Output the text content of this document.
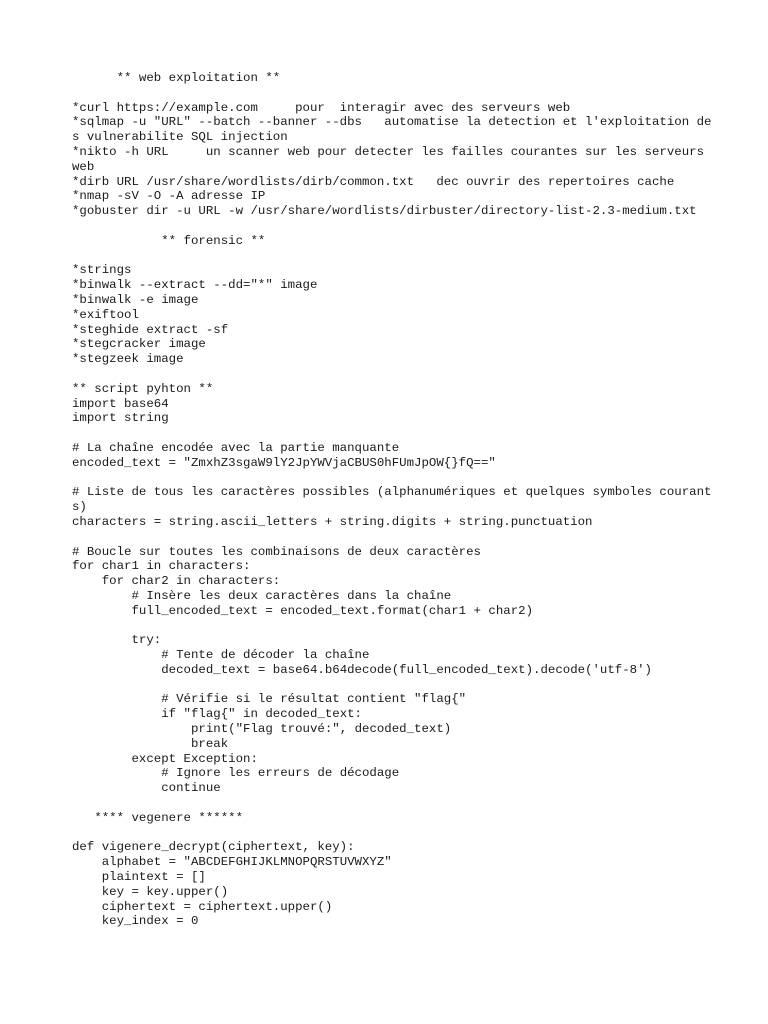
** web exploitation **
*curl https://example.com     pour  interagir avec des serveurs web
*sqlmap -u "URL" --batch --banner --dbs   automatise la detection et l'exploitation des vulnerabilite SQL injection
*nikto -h URL     un scanner web pour detecter les failles courantes sur les serveurs web
*dirb URL /usr/share/wordlists/dirb/common.txt   dec ouvrir des repertoires cache
*nmap -sV -O -A adresse IP
*gobuster dir -u URL -w /usr/share/wordlists/dirbuster/directory-list-2.3-medium.txt
** forensic **
*strings
*binwalk --extract --dd="*" image
*binwalk -e image
*exiftool
*steghide extract -sf
*stegcracker image
*stegzeek image
** script pyhton **
import base64
import string
# La chaîne encodée avec la partie manquante
encoded_text = "ZmxhZ3sgaW9lY2JpYWVjaCBUS0hFUmJpOW{}fQ=="
# Liste de tous les caractères possibles (alphanumériques et quelques symboles courants)
characters = string.ascii_letters + string.digits + string.punctuation
# Boucle sur toutes les combinaisons de deux caractères
for char1 in characters:
for char2 in characters:
# Insère les deux caractères dans la chaîne
full_encoded_text = encoded_text.format(char1 + char2)
try:
# Tente de décoder la chaîne
decoded_text = base64.b64decode(full_encoded_text).decode('utf-8')
# Vérifie si le résultat contient "flag{"
if "flag{" in decoded_text:
print("Flag trouvé:", decoded_text)
break
except Exception:
# Ignore les erreurs de décodage
continue
**** vegenere ******
def vigenere_decrypt(ciphertext, key):
alphabet = "ABCDEFGHIJKLMNOPQRSTUVWXYZ"
plaintext = []
key = key.upper()
ciphertext = ciphertext.upper()
key_index = 0
